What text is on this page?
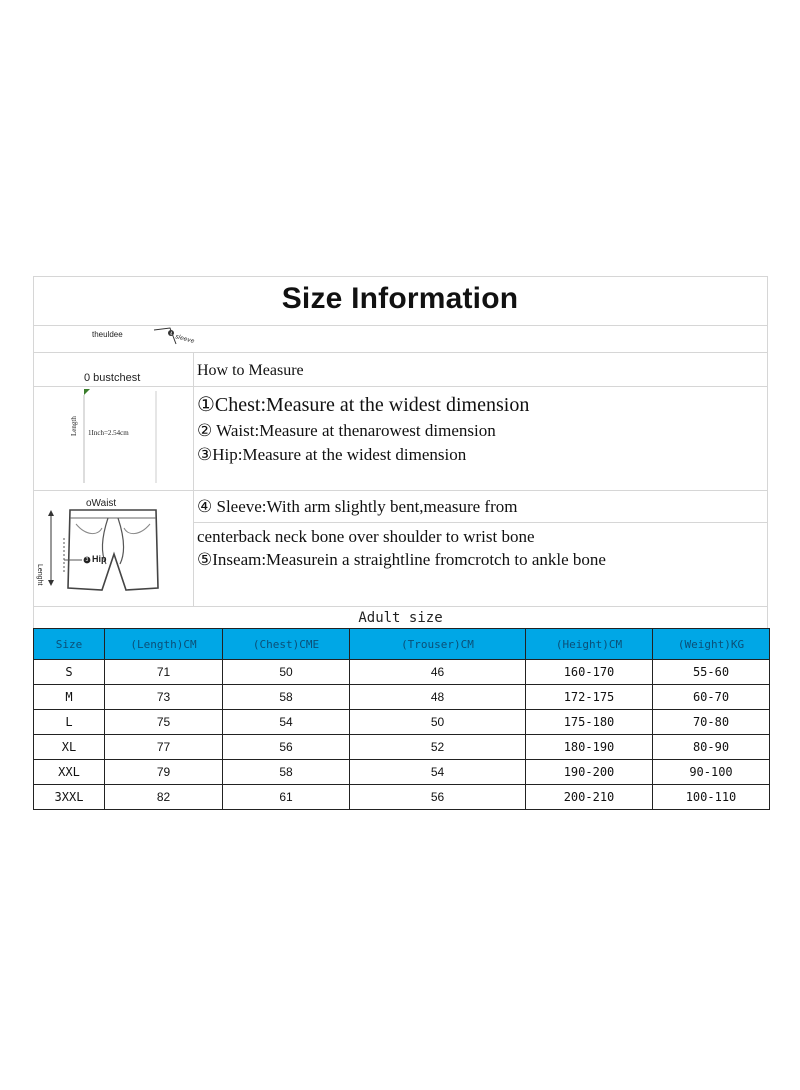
Size Information
theuldee	4 sleeve
0 bustchest
Length 1Inch=2.54cm
oWaist
Lenght
3 Hip
How to Measure
①Chest:Measure at the widest dimension
② Waist:Measure at thenarowest dimension
③Hip:Measure at the widest dimension
④ Sleeve:With arm slightly bent,measure from
centerback neck bone over shoulder to wrist bone
⑤Inseam:Measurein a straightline fromcrotch to ankle bone
Adult size
Size	(Length)CM	(Chest)CME	(Trouser)CM	(Height)CM	(Weight)KG
S	71	50	46	160-170	55-60
M	73	58	48	172-175	60-70
L	75	54	50	175-180	70-80
XL	77	56	52	180-190	80-90
XXL	79	58	54	190-200	90-100
3XXL	82	61	56	200-210	100-110
